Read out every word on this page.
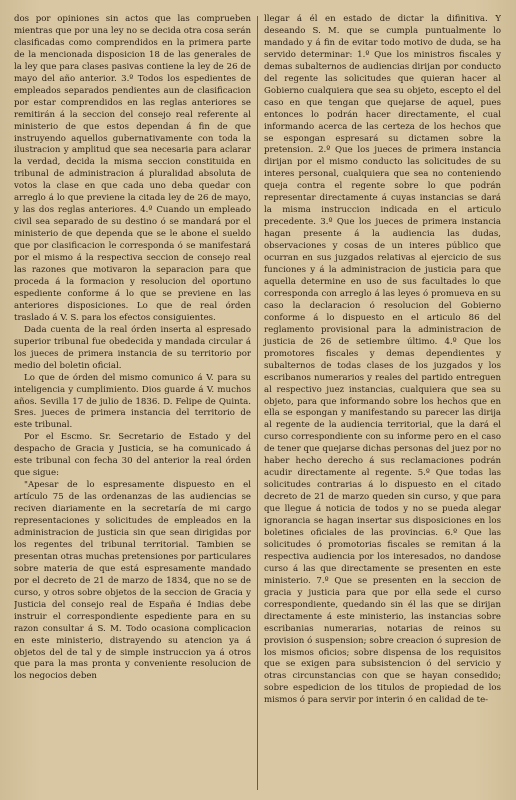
dos por opiniones sin actos que las comprueben mientras que por una ley no se decida otra cosa serán clasificadas como comprendidos en la primera parte de la mencionada disposicion 18 de las generales de la ley que para clases pasivas contiene la ley de 26 de mayo del año anterior. 3.º Todos los espedientes de empleados separados pendientes aun de clasificacion por estar comprendidos en las reglas anteriores se remitirán á la seccion del consejo real referente al ministerio de que estos dependan á fin de que instruyendo aquellos gubernativamente con toda la ilustracion y amplitud que sea necesaria para aclarar la verdad, decida la misma seccion constituida en tribunal de administracion á pluralidad absoluta de votos la clase en que cada uno deba quedar con arreglo á lo que previene la citada ley de 26 de mayo, y las dos reglas anteriores. 4.º Cuando un empleado civil sea separado de su destino ó se mandará por el ministerio de que dependa que se le abone el sueldo que por clasificacion le corresponda ó se manifestará por el mismo á la respectiva seccion de consejo real las razones que motivaron la separacion para que proceda á la formacion y resolucion del oportuno espediente conforme á lo que se previene en las anteriores disposiciones. Lo que de real órden traslado á V. S. para los efectos consiguientes.

Dada cuenta de la real órden inserta al espresado superior tribunal fue obedecida y mandada circular á los jueces de primera instancia de su territorio por medio del boletin oficial.

Lo que de órden del mismo comunico á V. para su inteligencia y cumplimiento. Dios guarde á V. muchos años. Sevilla 17 de julio de 1836. D. Felipe de Quinta. Sres. jueces de primera instancia del territorio de este tribunal.

Por el Escmo. Sr. Secretario de Estado y del despacho de Gracia y Justicia, se ha comunicado á este tribunal con fecha 30 del anterior la real órden que sigue:

"Apesar de lo espresamente dispuesto en el artículo 75 de las ordenanzas de las audiencias se reciven diariamente en la secretaría de mi cargo representaciones y solicitudes de empleados en la administracion de justicia sin que sean dirigidas por los regentes del tribunal territorial. Tambien se presentan otras muchas pretensiones por particulares sobre materia de que está espresamente mandado por el decreto de 21 de marzo de 1834, que no se de curso, y otros sobre objetos de la seccion de Gracia y Justicia del consejo real de España é Indias debe instruir el correspondiente espediente para en su razon consultar á S. M. Todo ocasiona complicacion en este ministerio, distrayendo su atencion ya á objetos del de tal y de simple instruccion ya á otros que para la mas pronta y conveniente resolucion de los negocios deben

llegar á él en estado de dictar la difinitiva. Y deseando S. M. que se cumpla puntualmente lo mandado y á fin de evitar todo motivo de duda, se ha servido determinar: 1.º Que los ministros fiscales y demas subalternos de audiencias dirijan por conducto del regente las solicitudes que quieran hacer al Gobierno cualquiera que sea su objeto, escepto el del caso en que tengan que quejarse de aquel, pues entonces lo podrán hacer directamente, el cual informando acerca de las certeza de los hechos que se espongan espresará su dictamen sobre la pretension. 2.º Que los jueces de primera instancia dirijan por el mismo conducto las solicitudes de su interes personal, cualquiera que sea no conteniendo queja contra el regente sobre lo que podrán representar directamente á cuyas instancias se dará la misma instruccion indicada en el articulo precedente. 3.º Que los jueces de primera instancia hagan presente á la audiencia las dudas, observaciones y cosas de un interes público que ocurran en sus juzgados relativas al ejercicio de sus funciones y á la administracion de justicia para que aquella determine en uso de sus facultades lo que corresponda con arreglo á las leyes ó promueva en su caso la declaracion ó resolucion del Gobierno conforme á lo dispuesto en el articulo 86 del reglamento provisional para la administracion de justicia de 26 de setiembre último. 4.º Que los promotores fiscales y demas dependientes y subalternos de todas clases de los juzgados y los escribanos numerarios y reales del partido entreguen al respectivo juez instancias, cualquiera que sea su objeto, para que informando sobre los hechos que en ella se espongan y manifestando su parecer las dirija al regente de la audiencia territorial, que la dará el curso correspondiente con su informe pero en el caso de tener que quejarse dichas personas del juez por no haber hecho derecho á sus reclamaciones podrán acudir directamente al regente. 5.º Que todas las solicitudes contrarias á lo dispuesto en el citado decreto de 21 de marzo queden sin curso, y que para que llegue á noticia de todos y no se pueda alegar ignorancia se hagan insertar sus disposiciones en los boletines oficiales de las provincias. 6.º Que las solicitudes ó promotorias fiscales se remitan á la respectiva audiencia por los interesados, no dandose curso á las que directamente se presenten en este ministerio. 7.º Que se presenten en la seccion de gracia y justicia para que por ella sede el curso correspondiente, quedando sin él las que se dirijan directamente á este ministerio, las instancias sobre escribanias numerarias, notarias de reinos su provision ó suspension; sobre creacion ó supresion de los mismos oficios; sobre dispensa de los requisitos que se exigen para subsistencion ó del servicio y otras circunstancias con que se hayan consedido; sobre espedicion de los titulos de propiedad de los mismos ó para servir por interin ó en calidad de te-
